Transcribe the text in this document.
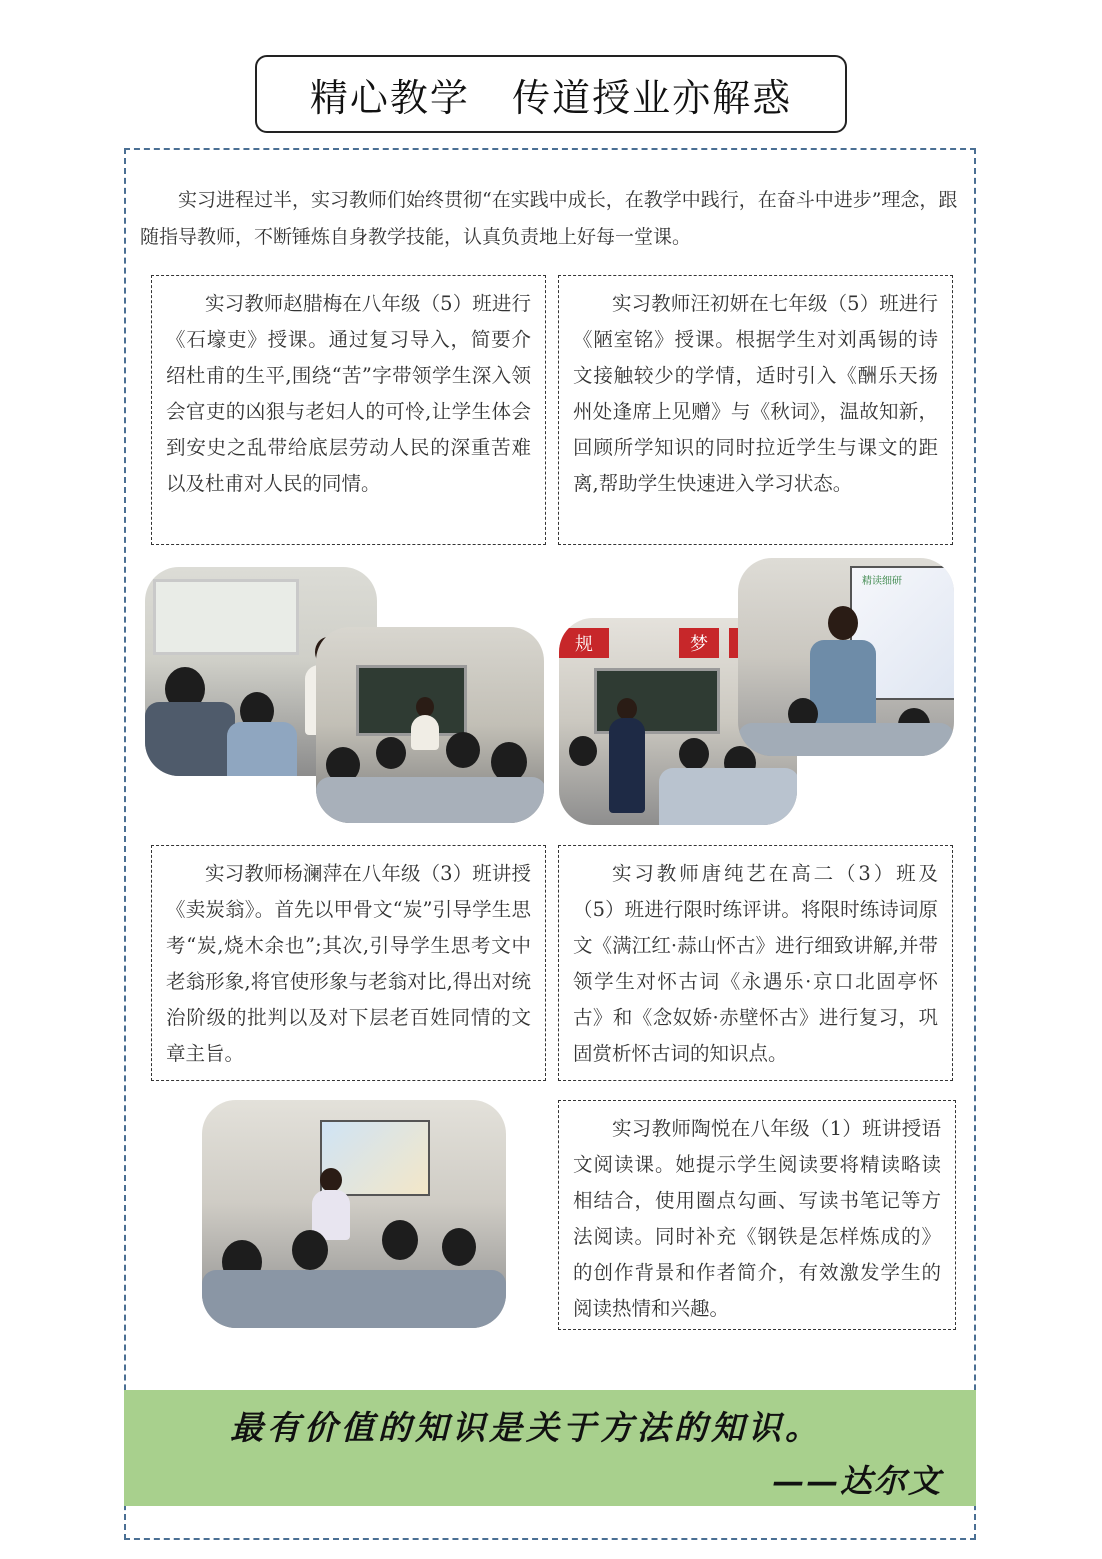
精心教学   传道授业亦解惑

实习进程过半，实习教师们始终贯彻“在实践中成长，在教学中践行，在奋斗中进步”理念，跟随指导教师，不断锤炼自身教学技能，认真负责地上好每一堂课。

实习教师赵腊梅在八年级（5）班进行《石壕吏》授课。通过复习导入，简要介绍杜甫的生平,围绕“苦”字带领学生深入领会官吏的凶狠与老妇人的可怜,让学生体会到安史之乱带给底层劳动人民的深重苦难以及杜甫对人民的同情。

实习教师汪初妍在七年级（5）班进行《陋室铭》授课。根据学生对刘禹锡的诗文接触较少的学情，适时引入《酬乐天扬州处逢席上见赠》与《秋词》，温故知新，回顾所学知识的同时拉近学生与课文的距离,帮助学生快速进入学习状态。

规	梦
精读细研

实习教师杨澜萍在八年级（3）班讲授《卖炭翁》。首先以甲骨文“炭”引导学生思考“炭,烧木余也”;其次,引导学生思考文中老翁形象,将官使形象与老翁对比,得出对统治阶级的批判以及对下层老百姓同情的文章主旨。

实习教师唐纯艺在高二（3）班及（5）班进行限时练评讲。将限时练诗词原文《满江红·蒜山怀古》进行细致讲解,并带领学生对怀古词《永遇乐·京口北固亭怀古》和《念奴娇·赤壁怀古》进行复习，巩固赏析怀古词的知识点。

实习教师陶悦在八年级（1）班讲授语文阅读课。她提示学生阅读要将精读略读相结合，使用圈点勾画、写读书笔记等方法阅读。同时补充《钢铁是怎样炼成的》的创作背景和作者简介，有效激发学生的阅读热情和兴趣。

最有价值的知识是关于方法的知识。
——达尔文
